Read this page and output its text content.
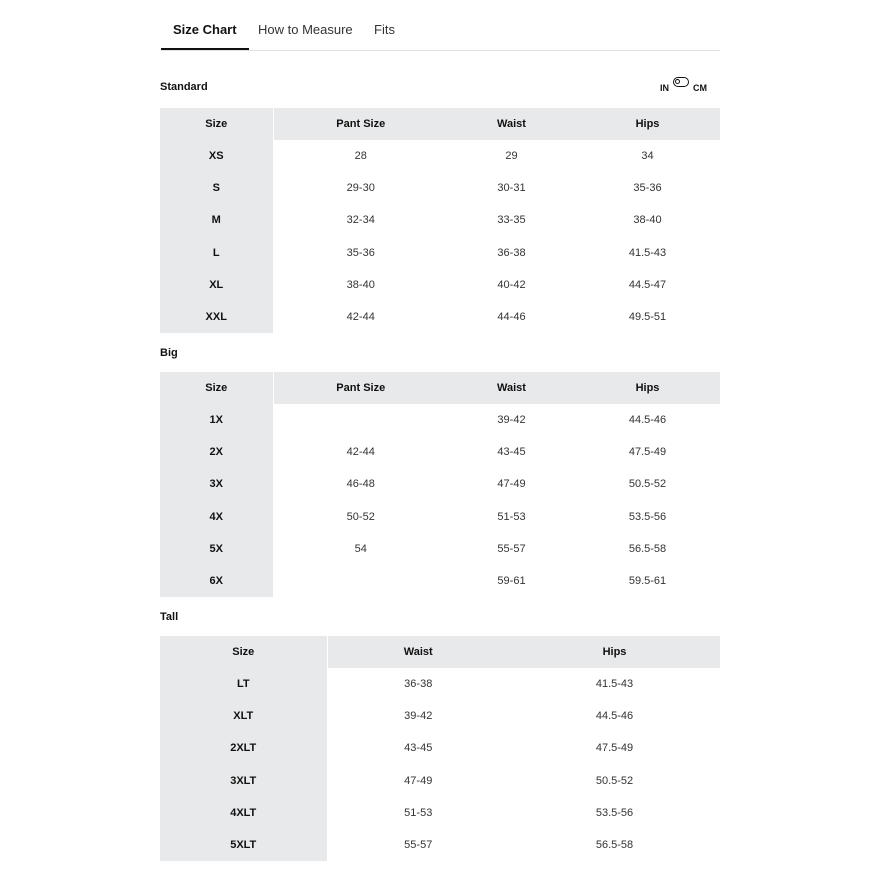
Size Chart	How to Measure Fits
Standard	IN	CM
Size	Pant Size	Waist	Hips
XS	28	29	34
S	29-30	30-31	35-36
M	32-34	33-35	38-40
L	35-36	36-38	41.5-43
XL	38-40	40-42	44.5-47
XXL	42-44	44-46	49.5-51
Big
Size	Pant Size	Waist	Hips
1X		39-42	44.5-46
2X	42-44	43-45	47.5-49
3X	46-48	47-49	50.5-52
4X	50-52	51-53	53.5-56
5X	54	55-57	56.5-58
6X		59-61	59.5-61
Tall
Size	Waist	Hips
LT	36-38	41.5-43
XLT	39-42	44.5-46
2XLT	43-45	47.5-49
3XLT	47-49	50.5-52
4XLT	51-53	53.5-56
5XLT	55-57	56.5-58
